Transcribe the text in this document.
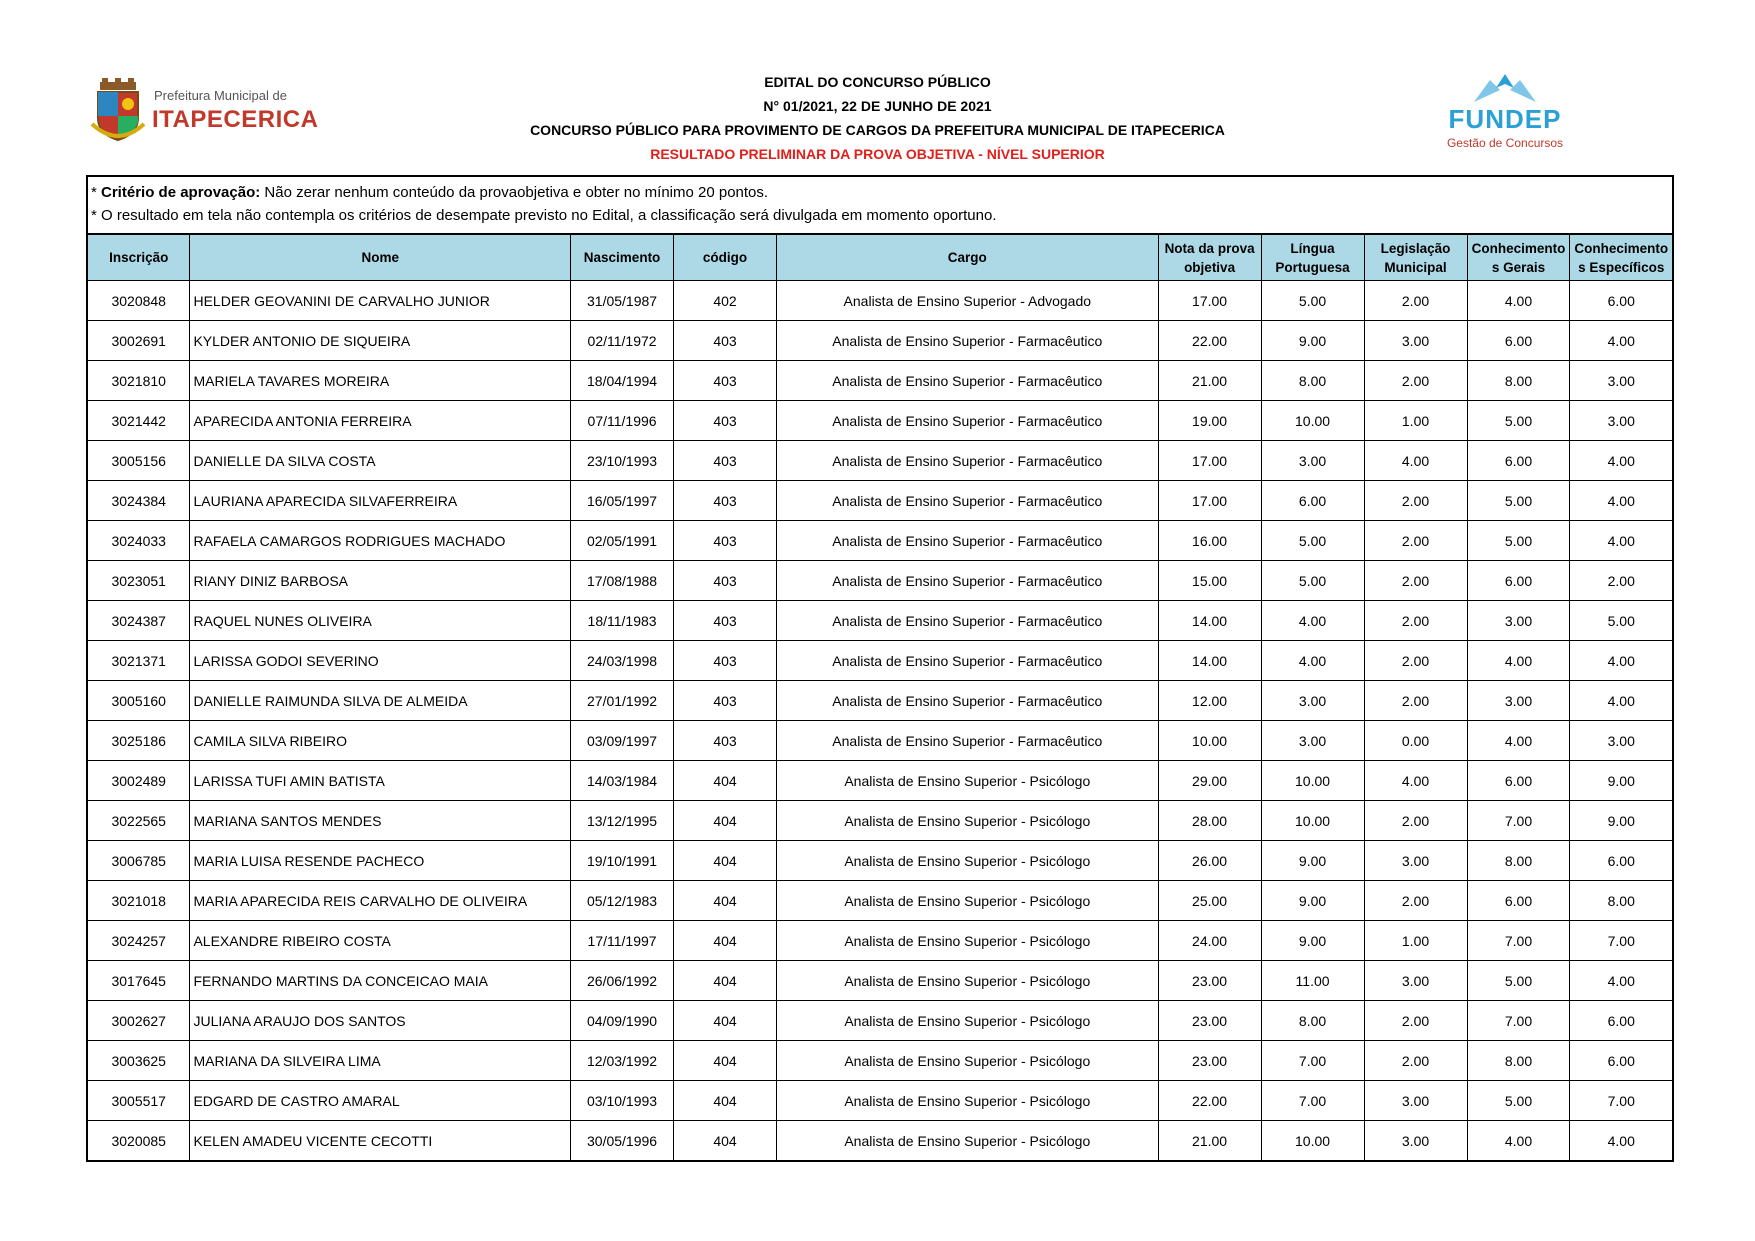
Prefeitura Municipal de
ITAPECERICA	FUNDEP
Gestão de Concursos
EDITAL DO CONCURSO PÚBLICO
N° 01/2021, 22 DE JUNHO DE 2021
CONCURSO PÚBLICO PARA PROVIMENTO DE CARGOS DA PREFEITURA MUNICIPAL DE ITAPECERICA
RESULTADO PRELIMINAR DA PROVA OBJETIVA - NÍVEL SUPERIOR
* Critério de aprovação: Não zerar nenhum conteúdo da provaobjetiva e obter no mínimo 20 pontos.
* O resultado em tela não contempla os critérios de desempate previsto no Edital, a classificação será divulgada em momento oportuno.
Inscrição	Nome	Nascimento	código	Cargo	Nota da prova objetiva	Língua Portuguesa	Legislação Municipal	Conhecimentos Gerais	Conhecimentos Específicos
3020848	HELDER GEOVANINI DE CARVALHO JUNIOR	31/05/1987	402	Analista de Ensino Superior - Advogado	17.00	5.00	2.00	4.00	6.00
3002691	KYLDER ANTONIO DE SIQUEIRA	02/11/1972	403	Analista de Ensino Superior - Farmacêutico	22.00	9.00	3.00	6.00	4.00
3021810	MARIELA TAVARES MOREIRA	18/04/1994	403	Analista de Ensino Superior - Farmacêutico	21.00	8.00	2.00	8.00	3.00
3021442	APARECIDA ANTONIA FERREIRA	07/11/1996	403	Analista de Ensino Superior - Farmacêutico	19.00	10.00	1.00	5.00	3.00
3005156	DANIELLE DA SILVA COSTA	23/10/1993	403	Analista de Ensino Superior - Farmacêutico	17.00	3.00	4.00	6.00	4.00
3024384	LAURIANA APARECIDA SILVAFERREIRA	16/05/1997	403	Analista de Ensino Superior - Farmacêutico	17.00	6.00	2.00	5.00	4.00
3024033	RAFAELA CAMARGOS RODRIGUES MACHADO	02/05/1991	403	Analista de Ensino Superior - Farmacêutico	16.00	5.00	2.00	5.00	4.00
3023051	RIANY DINIZ BARBOSA	17/08/1988	403	Analista de Ensino Superior - Farmacêutico	15.00	5.00	2.00	6.00	2.00
3024387	RAQUEL NUNES OLIVEIRA	18/11/1983	403	Analista de Ensino Superior - Farmacêutico	14.00	4.00	2.00	3.00	5.00
3021371	LARISSA GODOI SEVERINO	24/03/1998	403	Analista de Ensino Superior - Farmacêutico	14.00	4.00	2.00	4.00	4.00
3005160	DANIELLE RAIMUNDA SILVA DE ALMEIDA	27/01/1992	403	Analista de Ensino Superior - Farmacêutico	12.00	3.00	2.00	3.00	4.00
3025186	CAMILA SILVA RIBEIRO	03/09/1997	403	Analista de Ensino Superior - Farmacêutico	10.00	3.00	0.00	4.00	3.00
3002489	LARISSA TUFI AMIN BATISTA	14/03/1984	404	Analista de Ensino Superior - Psicólogo	29.00	10.00	4.00	6.00	9.00
3022565	MARIANA SANTOS MENDES	13/12/1995	404	Analista de Ensino Superior - Psicólogo	28.00	10.00	2.00	7.00	9.00
3006785	MARIA LUISA RESENDE PACHECO	19/10/1991	404	Analista de Ensino Superior - Psicólogo	26.00	9.00	3.00	8.00	6.00
3021018	MARIA APARECIDA REIS CARVALHO DE OLIVEIRA	05/12/1983	404	Analista de Ensino Superior - Psicólogo	25.00	9.00	2.00	6.00	8.00
3024257	ALEXANDRE RIBEIRO COSTA	17/11/1997	404	Analista de Ensino Superior - Psicólogo	24.00	9.00	1.00	7.00	7.00
3017645	FERNANDO MARTINS DA CONCEICAO MAIA	26/06/1992	404	Analista de Ensino Superior - Psicólogo	23.00	11.00	3.00	5.00	4.00
3002627	JULIANA ARAUJO DOS SANTOS	04/09/1990	404	Analista de Ensino Superior - Psicólogo	23.00	8.00	2.00	7.00	6.00
3003625	MARIANA DA SILVEIRA LIMA	12/03/1992	404	Analista de Ensino Superior - Psicólogo	23.00	7.00	2.00	8.00	6.00
3005517	EDGARD DE CASTRO AMARAL	03/10/1993	404	Analista de Ensino Superior - Psicólogo	22.00	7.00	3.00	5.00	7.00
3020085	KELEN AMADEU VICENTE CECOTTI	30/05/1996	404	Analista de Ensino Superior - Psicólogo	21.00	10.00	3.00	4.00	4.00
